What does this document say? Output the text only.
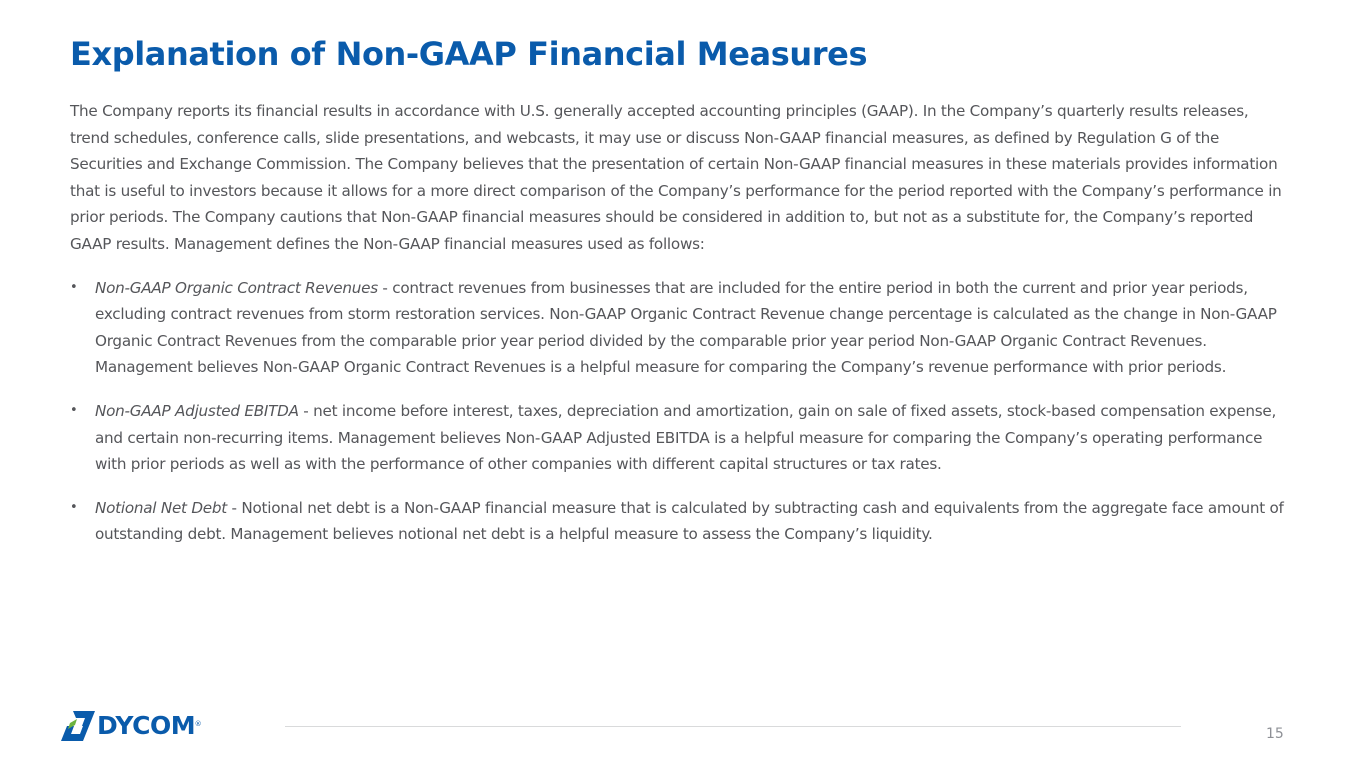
Explanation of Non-GAAP Financial Measures

The Company reports its financial results in accordance with U.S. generally accepted accounting principles (GAAP). In the Company’s quarterly results releases, trend schedules, conference calls, slide presentations, and webcasts, it may use or discuss Non-GAAP financial measures, as defined by Regulation G of the Securities and Exchange Commission. The Company believes that the presentation of certain Non-GAAP financial measures in these materials provides information that is useful to investors because it allows for a more direct comparison of the Company’s performance for the period reported with the Company’s performance in prior periods. The Company cautions that Non-GAAP financial measures should be considered in addition to, but not as a substitute for, the Company’s reported GAAP results. Management defines the Non-GAAP financial measures used as follows:

• Non-GAAP Organic Contract Revenues - contract revenues from businesses that are included for the entire period in both the current and prior year periods, excluding contract revenues from storm restoration services. Non-GAAP Organic Contract Revenue change percentage is calculated as the change in Non-GAAP Organic Contract Revenues from the comparable prior year period divided by the comparable prior year period Non-GAAP Organic Contract Revenues. Management believes Non-GAAP Organic Contract Revenues is a helpful measure for comparing the Company’s revenue performance with prior periods.
• Non-GAAP Adjusted EBITDA - net income before interest, taxes, depreciation and amortization, gain on sale of fixed assets, stock-based compensation expense, and certain non-recurring items. Management believes Non-GAAP Adjusted EBITDA is a helpful measure for comparing the Company’s operating performance with prior periods as well as with the performance of other companies with different capital structures or tax rates.
• Notional Net Debt - Notional net debt is a Non-GAAP financial measure that is calculated by subtracting cash and equivalents from the aggregate face amount of outstanding debt. Management believes notional net debt is a helpful measure to assess the Company’s liquidity.
DYCOM ®
15
